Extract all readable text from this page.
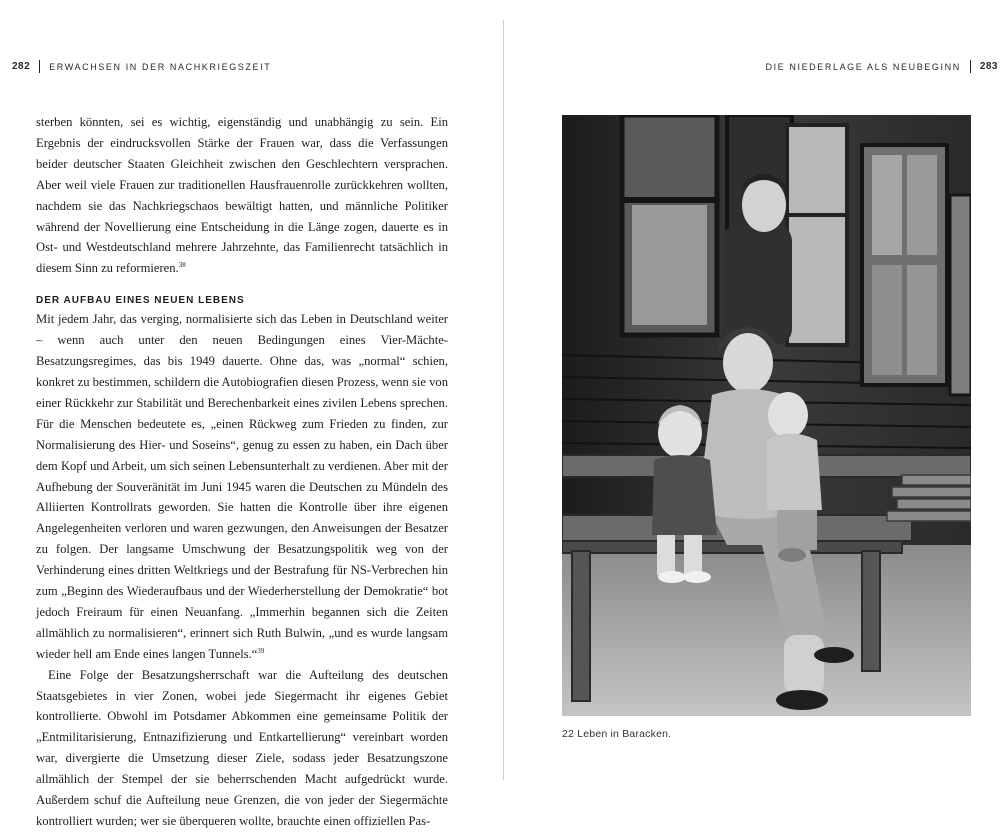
282 ERWACHSEN IN DER NACHKRIEGSZEIT

sterben könnten, sei es wichtig, eigenständig und unabhängig zu sein. Ein Ergebnis der eindrucksvollen Stärke der Frauen war, dass die Verfassungen beider deutscher Staaten Gleichheit zwischen den Geschlechtern versprachen. Aber weil viele Frauen zur traditionellen Hausfrauenrolle zurückkehren wollten, nachdem sie das Nachkriegschaos bewältigt hatten, und männliche Politiker während der Novellierung eine Entscheidung in die Länge zogen, dauerte es in Ost- und Westdeutschland mehrere Jahrzehnte, das Familienrecht tatsächlich in diesem Sinn zu reformieren.$^{38}$

DER AUFBAU EINES NEUEN LEBENS

Mit jedem Jahr, das verging, normalisierte sich das Leben in Deutschland weiter – wenn auch unter den neuen Bedingungen eines Vier-Mächte-Besatzungsregimes, das bis 1949 dauerte. Ohne das, was „normal“ schien, konkret zu bestimmen, schildern die Autobiografien diesen Prozess, wenn sie von einer Rückkehr zur Stabilität und Berechenbarkeit eines zivilen Lebens sprechen. Für die Menschen bedeutete es, „einen Rückweg zum Frieden zu finden, zur Normalisierung des Hier- und Soseins“, genug zu essen zu haben, ein Dach über dem Kopf und Arbeit, um sich seinen Lebensunterhalt zu verdienen. Aber mit der Aufhebung der Souveränität im Juni 1945 waren die Deutschen zu Mündeln des Alliierten Kontrollrats geworden. Sie hatten die Kontrolle über ihre eigenen Angelegenheiten verloren und waren gezwungen, den Anweisungen der Besatzer zu folgen. Der langsame Umschwung der Besatzungspolitik weg von der Verhinderung eines dritten Weltkriegs und der Bestrafung für NS-Verbrechen hin zum „Beginn des Wiederaufbaus und der Wiederherstellung der Demokratie“ bot jedoch Freiraum für einen Neuanfang. „Immerhin begannen sich die Zeiten allmählich zu normalisieren“, erinnert sich Ruth Bulwin, „und es wurde langsam wieder hell am Ende eines langen Tunnels.“$^{39}$

Eine Folge der Besatzungsherrschaft war die Aufteilung des deutschen Staatsgebietes in vier Zonen, wobei jede Siegermacht ihr eigenes Gebiet kontrollierte. Obwohl im Potsdamer Abkommen eine gemeinsame Politik der „Entmilitarisierung, Entnazifizierung und Entkartellierung“ vereinbart worden war, divergierte die Umsetzung dieser Ziele, sodass jeder Besatzungszone allmählich der Stempel der sie beherrschenden Macht aufgedrückt wurde. Außerdem schuf die Aufteilung neue Grenzen, die von jeder der Siegermächte kontrolliert wurden; wer sie überqueren wollte, brauchte einen offiziellen Pas-

DIE NIEDERLAGE ALS NEUBEGINN 283
22 Leben in Baracken.
